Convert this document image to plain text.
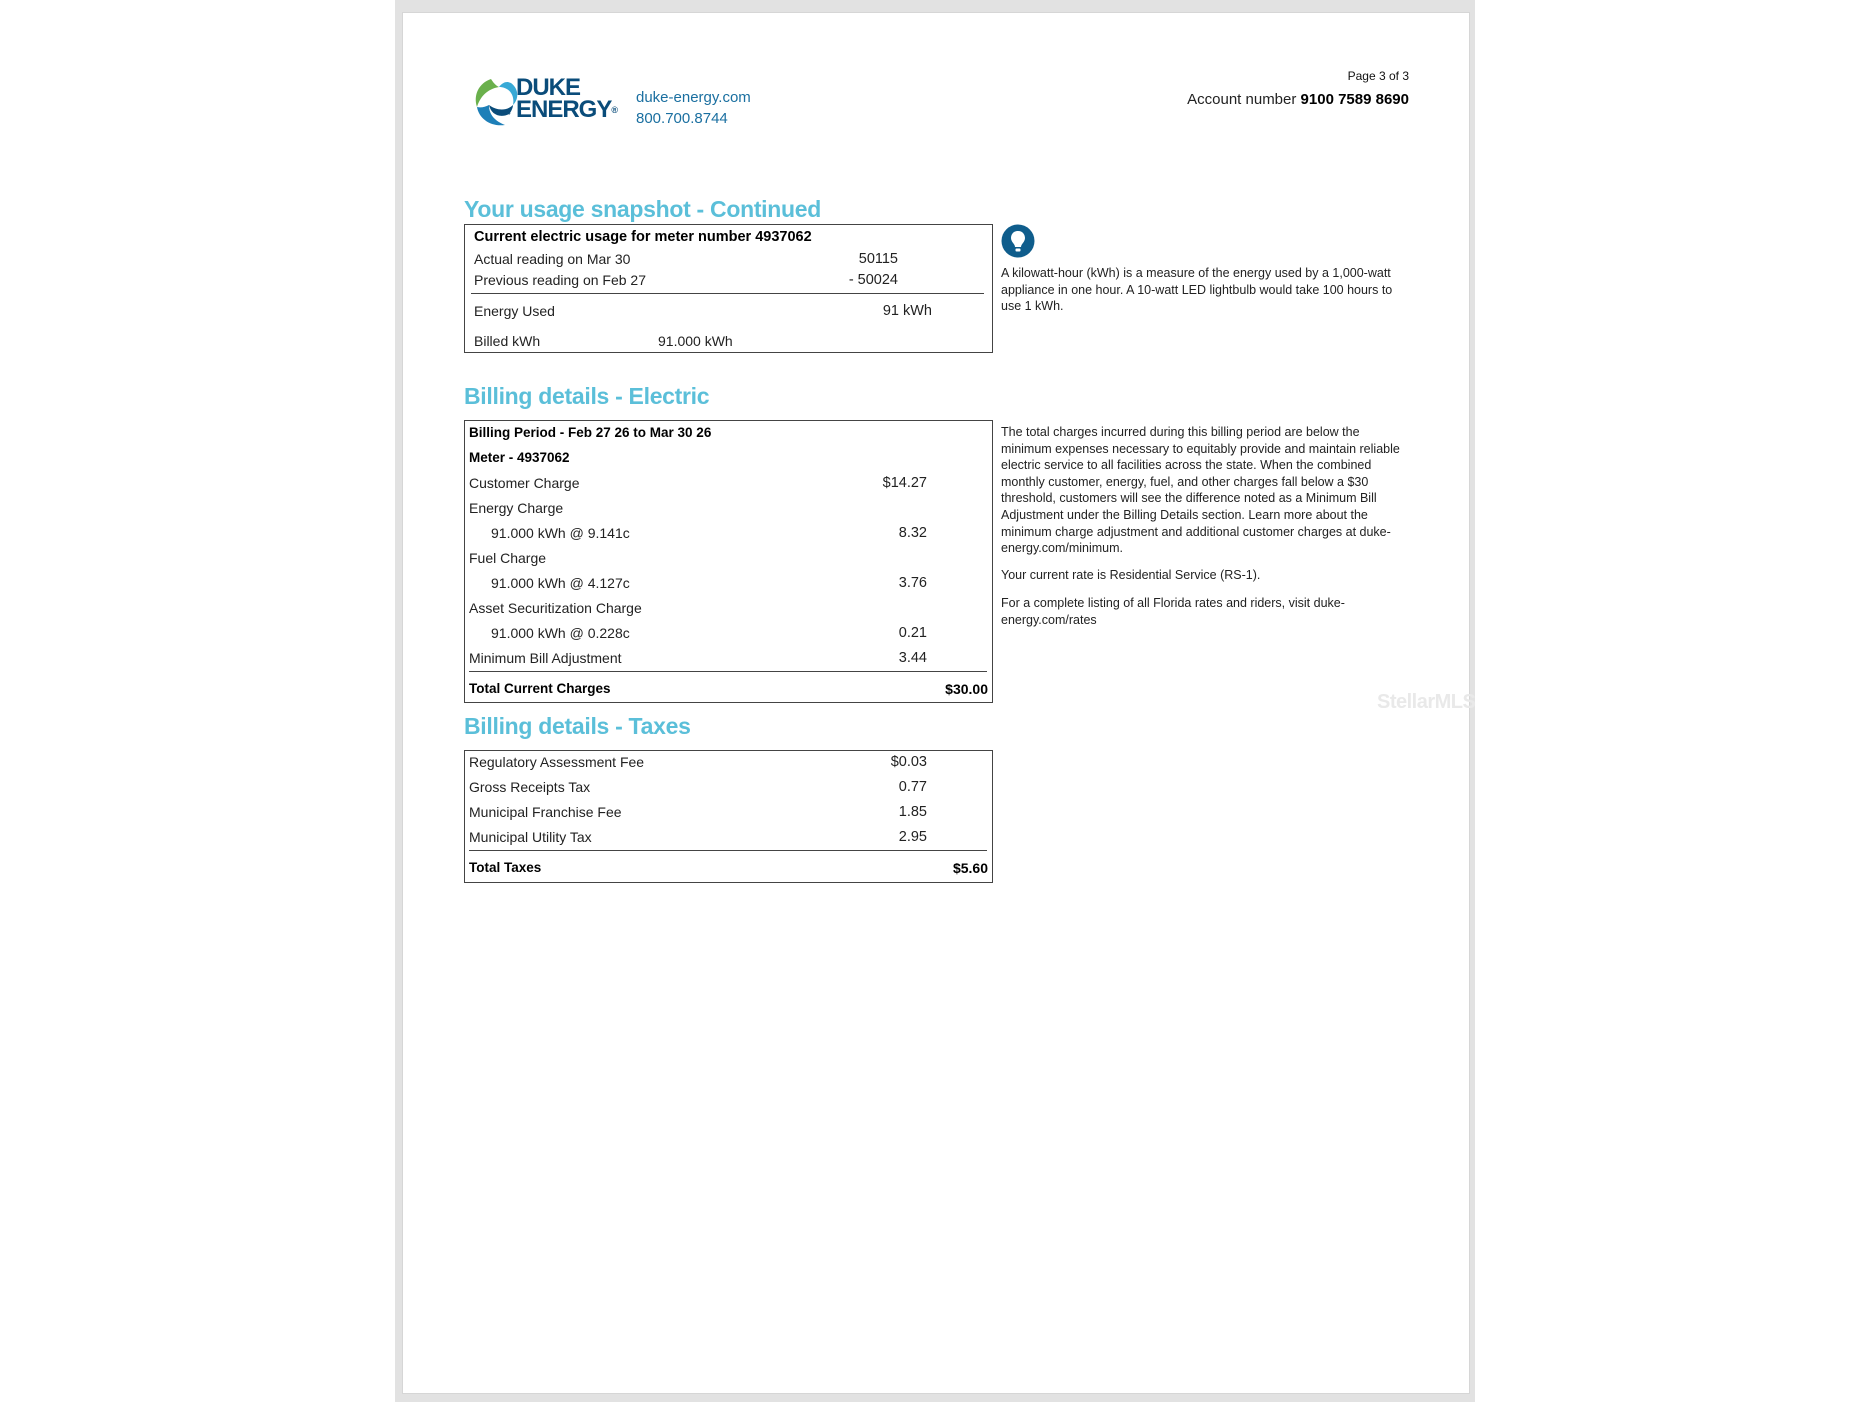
DUKE
ENERGY®
duke-energy.com
800.700.8744
Page 3 of 3
Account number 9100 7589 8690
Your usage snapshot - Continued
Current electric usage for meter number 4937062
Actual reading on Mar 30	50115
Previous reading on Feb 27	- 50024
Energy Used	91 kWh
Billed kWh	91.000 kWh
A kilowatt-hour (kWh) is a measure of the energy used by a 1,000-watt appliance in one hour. A 10-watt LED lightbulb would take 100 hours to use 1 kWh.
Billing details - Electric
Billing Period - Feb 27 26 to Mar 30 26
Meter - 4937062
Customer Charge	$14.27
Energy Charge
91.000 kWh @ 9.141c	8.32
Fuel Charge
91.000 kWh @ 4.127c	3.76
Asset Securitization Charge
91.000 kWh @ 0.228c	0.21
Minimum Bill Adjustment	3.44
Total Current Charges	$30.00
The total charges incurred during this billing period are below the minimum expenses necessary to equitably provide and maintain reliable electric service to all facilities across the state. When the combined monthly customer, energy, fuel, and other charges fall below a $30 threshold, customers will see the difference noted as a Minimum Bill Adjustment under the Billing Details section. Learn more about the minimum charge adjustment and additional customer charges at duke- energy.com/minimum.
Your current rate is Residential Service (RS-1).
For a complete listing of all Florida rates and riders, visit duke-energy.com/rates
Billing details - Taxes
Regulatory Assessment Fee	$0.03
Gross Receipts Tax	0.77
Municipal Franchise Fee	1.85
Municipal Utility Tax	2.95
Total Taxes	$5.60
StellarMLS
